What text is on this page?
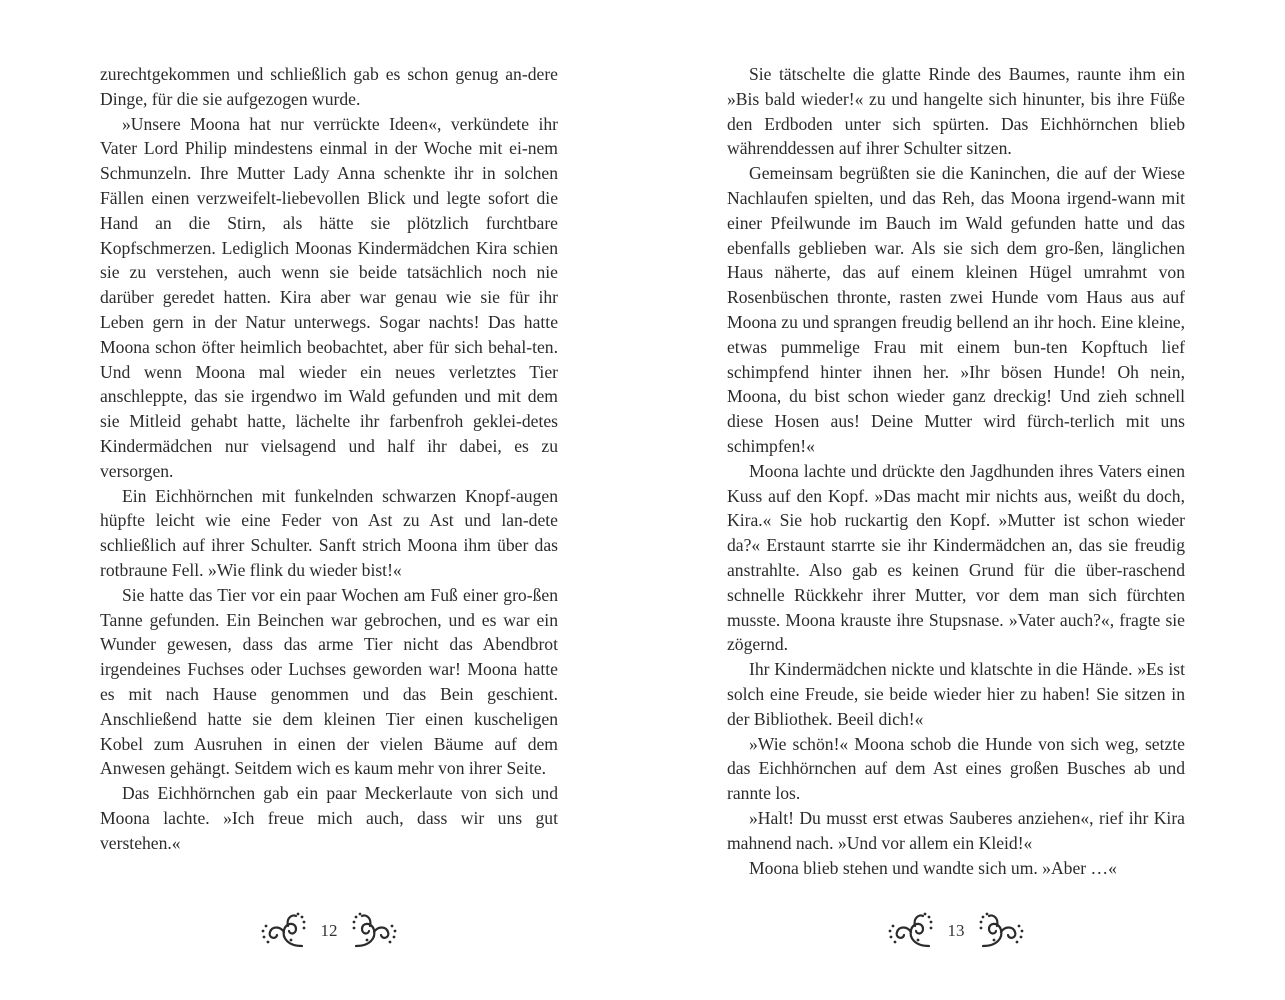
zurechtgekommen und schließlich gab es schon genug an-dere Dinge, für die sie aufgezogen wurde.

»Unsere Moona hat nur verrückte Ideen«, verkündete ihr Vater Lord Philip mindestens einmal in der Woche mit ei-nem Schmunzeln. Ihre Mutter Lady Anna schenkte ihr in solchen Fällen einen verzweifelt-liebevollen Blick und legte sofort die Hand an die Stirn, als hätte sie plötzlich furchtbare Kopfschmerzen. Lediglich Moonas Kindermädchen Kira schien sie zu verstehen, auch wenn sie beide tatsächlich noch nie darüber geredet hatten. Kira aber war genau wie sie für ihr Leben gern in der Natur unterwegs. Sogar nachts! Das hatte Moona schon öfter heimlich beobachtet, aber für sich behal-ten. Und wenn Moona mal wieder ein neues verletztes Tier anschleppte, das sie irgendwo im Wald gefunden und mit dem sie Mitleid gehabt hatte, lächelte ihr farbenfroh geklei-detes Kindermädchen nur vielsagend und half ihr dabei, es zu versorgen.

Ein Eichhörnchen mit funkelnden schwarzen Knopf-augen hüpfte leicht wie eine Feder von Ast zu Ast und lan-dete schließlich auf ihrer Schulter. Sanft strich Moona ihm über das rotbraune Fell. »Wie flink du wieder bist!«

Sie hatte das Tier vor ein paar Wochen am Fuß einer gro-ßen Tanne gefunden. Ein Beinchen war gebrochen, und es war ein Wunder gewesen, dass das arme Tier nicht das Abendbrot irgendeines Fuchses oder Luchses geworden war! Moona hatte es mit nach Hause genommen und das Bein geschient. Anschließend hatte sie dem kleinen Tier einen kuscheligen Kobel zum Ausruhen in einen der vielen Bäume auf dem Anwesen gehängt. Seitdem wich es kaum mehr von ihrer Seite.

Das Eichhörnchen gab ein paar Meckerlaute von sich und Moona lachte. »Ich freue mich auch, dass wir uns gut verstehen.«

Sie tätschelte die glatte Rinde des Baumes, raunte ihm ein »Bis bald wieder!« zu und hangelte sich hinunter, bis ihre Füße den Erdboden unter sich spürten. Das Eichhörnchen blieb währenddessen auf ihrer Schulter sitzen.

Gemeinsam begrüßten sie die Kaninchen, die auf der Wiese Nachlaufen spielten, und das Reh, das Moona irgend-wann mit einer Pfeilwunde im Bauch im Wald gefunden hatte und das ebenfalls geblieben war. Als sie sich dem gro-ßen, länglichen Haus näherte, das auf einem kleinen Hügel umrahmt von Rosenbüschen thronte, rasten zwei Hunde vom Haus aus auf Moona zu und sprangen freudig bellend an ihr hoch. Eine kleine, etwas pummelige Frau mit einem bun-ten Kopftuch lief schimpfend hinter ihnen her. »Ihr bösen Hunde! Oh nein, Moona, du bist schon wieder ganz dreckig! Und zieh schnell diese Hosen aus! Deine Mutter wird fürch-terlich mit uns schimpfen!«

Moona lachte und drückte den Jagdhunden ihres Vaters einen Kuss auf den Kopf. »Das macht mir nichts aus, weißt du doch, Kira.« Sie hob ruckartig den Kopf. »Mutter ist schon wieder da?« Erstaunt starrte sie ihr Kindermädchen an, das sie freudig anstrahlte. Also gab es keinen Grund für die über-raschend schnelle Rückkehr ihrer Mutter, vor dem man sich fürchten musste. Moona krauste ihre Stupsnase. »Vater auch?«, fragte sie zögernd.

Ihr Kindermädchen nickte und klatschte in die Hände. »Es ist solch eine Freude, sie beide wieder hier zu haben! Sie sitzen in der Bibliothek. Beeil dich!«

»Wie schön!« Moona schob die Hunde von sich weg, setzte das Eichhörnchen auf dem Ast eines großen Busches ab und rannte los.

»Halt! Du musst erst etwas Sauberes anziehen«, rief ihr Kira mahnend nach. »Und vor allem ein Kleid!«

Moona blieb stehen und wandte sich um. »Aber …«

12	13
